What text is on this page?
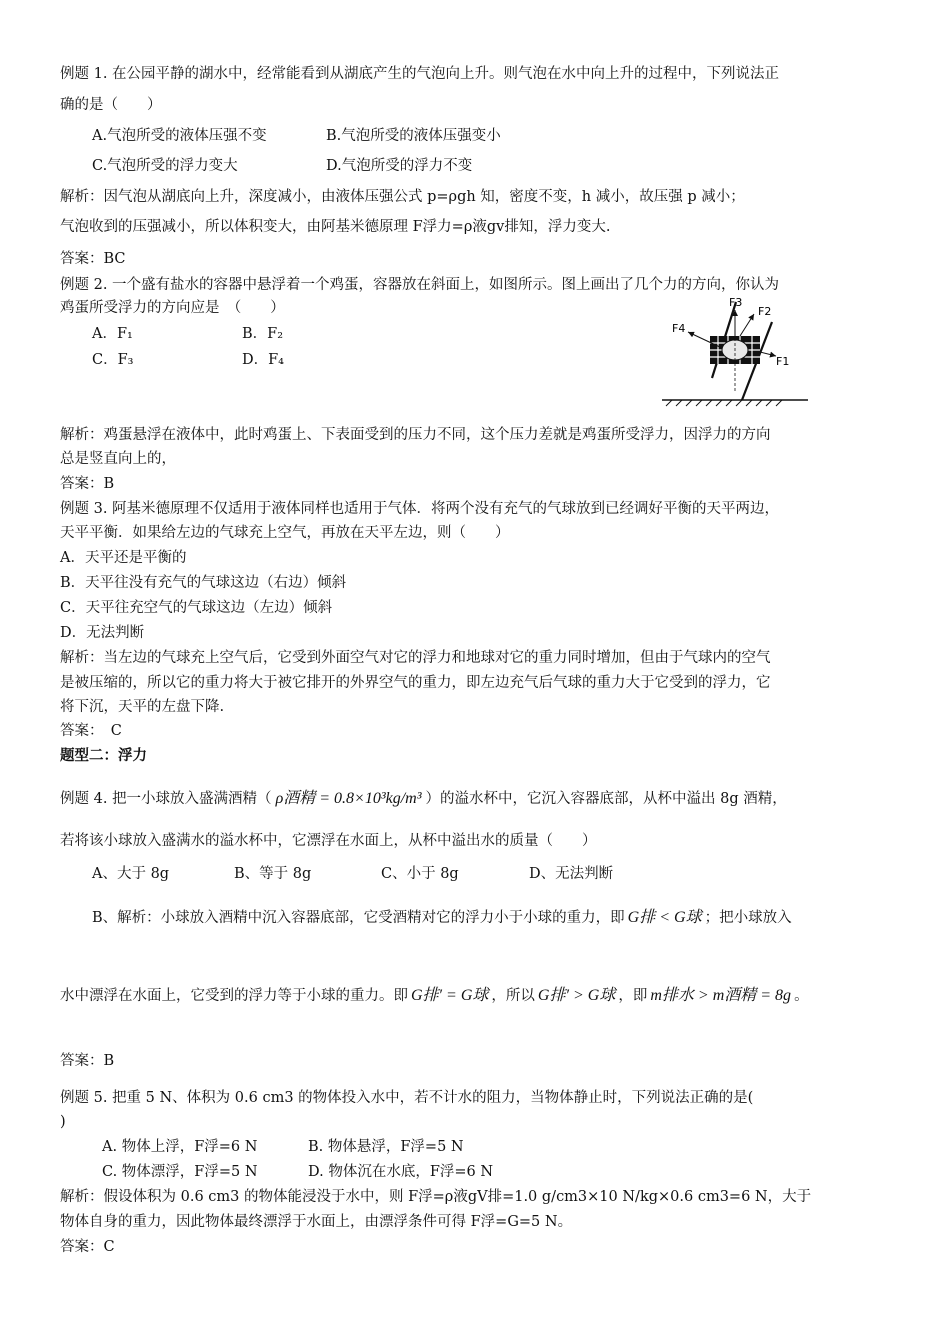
例题 1. 在公园平静的湖水中，经常能看到从湖底产生的气泡向上升。则气泡在水中向上升的过程中，下列说法正
确的是（　　）
A.气泡所受的液体压强不变	B.气泡所受的液体压强变小
C.气泡所受的浮力变大	D.气泡所受的浮力不变
解析：因气泡从湖底向上升，深度减小，由液体压强公式 p=ρgh 知，密度不变，h 减小，故压强 p 减小；
气泡收到的压强减小，所以体积变大，由阿基米德原理 F浮力=ρ液gv排知，浮力变大.
答案：BC
例题 2. 一个盛有盐水的容器中悬浮着一个鸡蛋，容器放在斜面上，如图所示。图上画出了几个力的方向，你认为
鸡蛋所受浮力的方向应是　（　　）
A．F₁	B．F₂
C．F₃	D．F₄
F3
F2
F4
F1
解析：鸡蛋悬浮在液体中，此时鸡蛋上、下表面受到的压力不同，这个压力差就是鸡蛋所受浮力，因浮力的方向
总是竖直向上的，
答案：B
例题 3. 阿基米德原理不仅适用于液体同样也适用于气体．将两个没有充气的气球放到已经调好平衡的天平两边，
天平平衡．如果给左边的气球充上空气，再放在天平左边，则（　　）
A．天平还是平衡的
B．天平往没有充气的气球这边（右边）倾斜
C．天平往充空气的气球这边（左边）倾斜
D．无法判断
解析：当左边的气球充上空气后，它受到外面空气对它的浮力和地球对它的重力同时增加，但由于气球内的空气
是被压缩的，所以它的重力将大于被它排开的外界空气的重力，即左边充气后气球的重力大于它受到的浮力，它
将下沉，天平的左盘下降.
答案：　C
题型二：浮力
例题 4. 把一小球放入盛满酒精（ ρ酒精 = 0.8×10³kg/m³ ）的溢水杯中，它沉入容器底部，从杯中溢出 8g 酒精，
若将该小球放入盛满水的溢水杯中，它漂浮在水面上，从杯中溢出水的质量（　　）
A、大于 8g	B、等于 8g	C、小于 8g	D、无法判断
B、解析：小球放入酒精中沉入容器底部，它受酒精对它的浮力小于小球的重力，即 G排 < G球 ；把小球放入
水中漂浮在水面上，它受到的浮力等于小球的重力。即 G排′ = G球 ，所以 G排′ > G球 ，即 m排水 > m酒精 = 8g 。
答案：B
例题 5. 把重 5 N、体积为 0.6 cm3 的物体投入水中，若不计水的阻力，当物体静止时，下列说法正确的是(
)
A. 物体上浮，F浮=6 N	B. 物体悬浮，F浮=5 N
C. 物体漂浮，F浮=5 N	D. 物体沉在水底，F浮=6 N
解析：假设体积为 0.6 cm3 的物体能浸没于水中，则 F浮=ρ液gV排=1.0 g/cm3×10 N/kg×0.6 cm3=6 N，大于
物体自身的重力，因此物体最终漂浮于水面上，由漂浮条件可得 F浮=G=5 N。
答案：C
